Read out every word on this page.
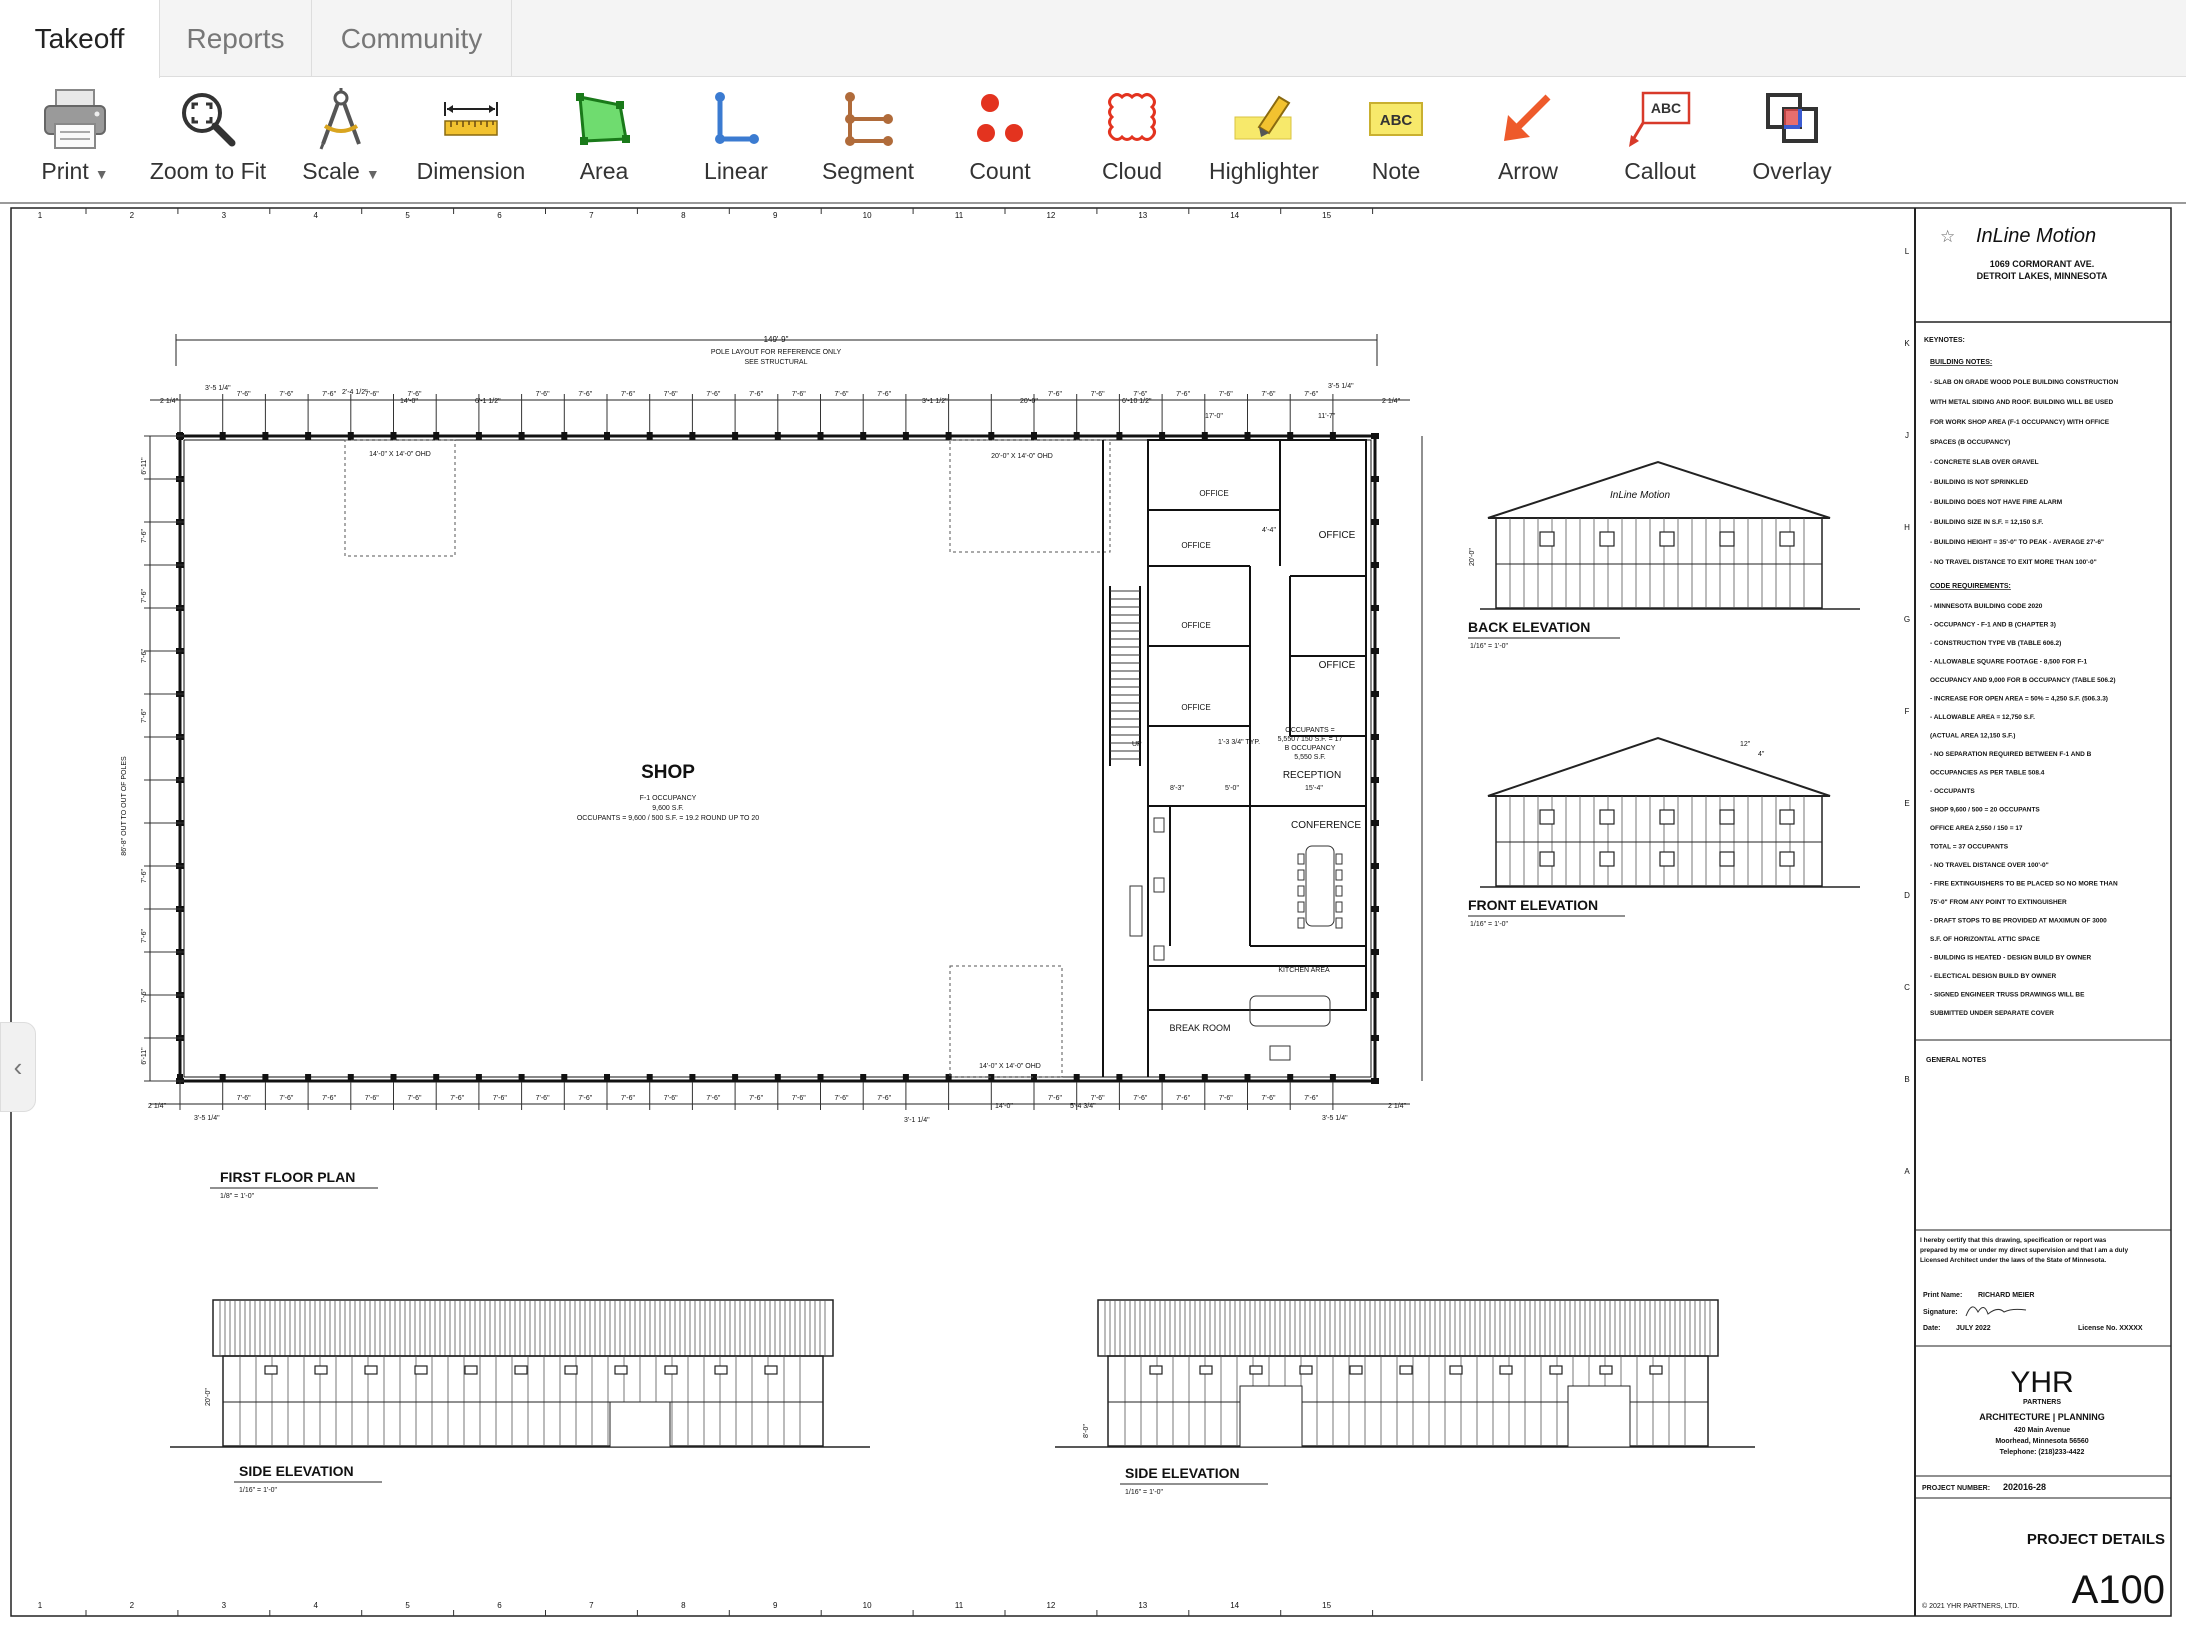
Takeoff	Reports	Community
Print ▼ Zoom to Fit Scale ▼ Dimension Area	Linear Segment Count	Cloud Highlighter
ABC
Note	Arrow
ABC
Callout Overlay
1	2	3	4	5	6	7	8	9	10	11	12	13	14	15
1	2	3	4	5	6	7	8	9	10	11	12	13	14	15
L
K
J
H
G
F
E
D
C
B
A
149'-9"
POLE LAYOUT FOR REFERENCE ONLY
SEE STRUCTURAL
2 1/4"
3'-5 1/4"
2'-4 1/2"
14'-0"	6'-1 1/2"	3'-1 1/2"	20'-0"	6'-10 1/2"
17'-0"	11'-7"
3'-5 1/4"
2 1/4"
7'-6"	7'-6"	7'-6"	7'-6"	7'-6"	7'-6"	7'-6"	7'-6"	7'-6"	7'-6"	7'-6"	7'-6"	7'-6"	7'-6"	7'-6"	7'-6"	7'-6"	7'-6"	7'-6"	7'-6"	7'-6"
86'-8" OUT TO OUT OF POLES
6'-11"
7'-6"
7'-6"
7'-6"
7'-6"
7'-6"
7'-6"
7'-6"
6'-11"
14'-0" X 14'-0" OHD	20'-0" X 14'-0" OHD
14'-0" X 14'-0" OHD
SHOP
F-1 OCCUPANCY
9,600 S.F.
OCCUPANTS = 9,600 / 500 S.F. = 19.2 ROUND UP TO 20
UP
OFFICE
OFFICE
OFFICE
OFFICE
OFFICE
OFFICE
OCCUPANTS =
5,550 / 150 S.F. = 17
B OCCUPANCY
5,550 S.F.
RECEPTION
1'-3 3/4" TYP.
4'-4"
8'-3"	5'-0"	15'-4"
CONFERENCE
KITCHEN AREA
BREAK ROOM
2 1/4"
3'-5 1/4"	3'-1 1/4"
14'-0"	5'-4 3/4"
3'-5 1/4"
2 1/4"
7'-6"	7'-6"	7'-6"	7'-6"	7'-6"	7'-6"	7'-6"	7'-6"	7'-6"	7'-6"	7'-6"	7'-6"	7'-6"	7'-6"	7'-6"	7'-6"	7'-6"	7'-6"	7'-6"	7'-6"	7'-6"	7'-6"	7'-6"
FIRST FLOOR PLAN
1/8" = 1'-0"
InLine Motion
20'-0"
BACK ELEVATION
1/16" = 1'-0"
12"
4"
FRONT ELEVATION
1/16" = 1'-0"
20'-0"
SIDE ELEVATION
1/16" = 1'-0"
8'-0"
SIDE ELEVATION
1/16" = 1'-0"
☆ InLine Motion
1069 CORMORANT AVE.
DETROIT LAKES, MINNESOTA
KEYNOTES:
BUILDING NOTES:
- SLAB ON GRADE WOOD POLE BUILDING CONSTRUCTION
WITH METAL SIDING AND ROOF. BUILDING WILL BE USED
FOR WORK SHOP AREA (F-1 OCCUPANCY) WITH OFFICE
SPACES (B OCCUPANCY)
- CONCRETE SLAB OVER GRAVEL
- BUILDING IS NOT SPRINKLED
- BUILDING DOES NOT HAVE FIRE ALARM
- BUILDING SIZE IN S.F. = 12,150 S.F.
- BUILDING HEIGHT = 35'-0" TO PEAK - AVERAGE 27'-6"
- NO TRAVEL DISTANCE TO EXIT MORE THAN 100'-0"
CODE REQUIREMENTS:
- MINNESOTA BUILDING CODE 2020
- OCCUPANCY - F-1 AND B (CHAPTER 3)
- CONSTRUCTION TYPE VB (TABLE 606.2)
- ALLOWABLE SQUARE FOOTAGE - 8,500 FOR F-1
OCCUPANCY AND 9,000 FOR B OCCUPANCY (TABLE 506.2)
- INCREASE FOR OPEN AREA = 50% = 4,250 S.F. (506.3.3)
- ALLOWABLE AREA = 12,750 S.F.
(ACTUAL AREA 12,150 S.F.)
- NO SEPARATION REQUIRED BETWEEN F-1 AND B
OCCUPANCIES AS PER TABLE 508.4
- OCCUPANTS
SHOP 9,600 / 500 = 20 OCCUPANTS
OFFICE AREA 2,550 / 150 = 17
TOTAL = 37 OCCUPANTS
- NO TRAVEL DISTANCE OVER 100'-0"
- FIRE EXTINGUISHERS TO BE PLACED SO NO MORE THAN
75'-0" FROM ANY POINT TO EXTINGUISHER
- DRAFT STOPS TO BE PROVIDED AT MAXIMUN OF 3000
S.F. OF HORIZONTAL ATTIC SPACE
- BUILDING IS HEATED - DESIGN BUILD BY OWNER
- ELECTICAL DESIGN BUILD BY OWNER
- SIGNED ENGINEER TRUSS DRAWINGS WILL BE
SUBMITTED UNDER SEPARATE COVER
GENERAL NOTES
I hereby certify that this drawing, specification or report was
prepared by me or under my direct supervision and that I am a duly
Licensed Architect under the laws of the State of Minnesota.
Print Name: RICHARD MEIER
Signature:
Date: JULY 2022	License No. XXXXX
YHR
PARTNERS
ARCHITECTURE | PLANNING
420 Main Avenue
Moorhead, Minnesota 56560
Telephone: (218)233-4422
PROJECT NUMBER: 202016-28
PROJECT DETAILS
A100
© 2021 YHR PARTNERS, LTD.
‹
